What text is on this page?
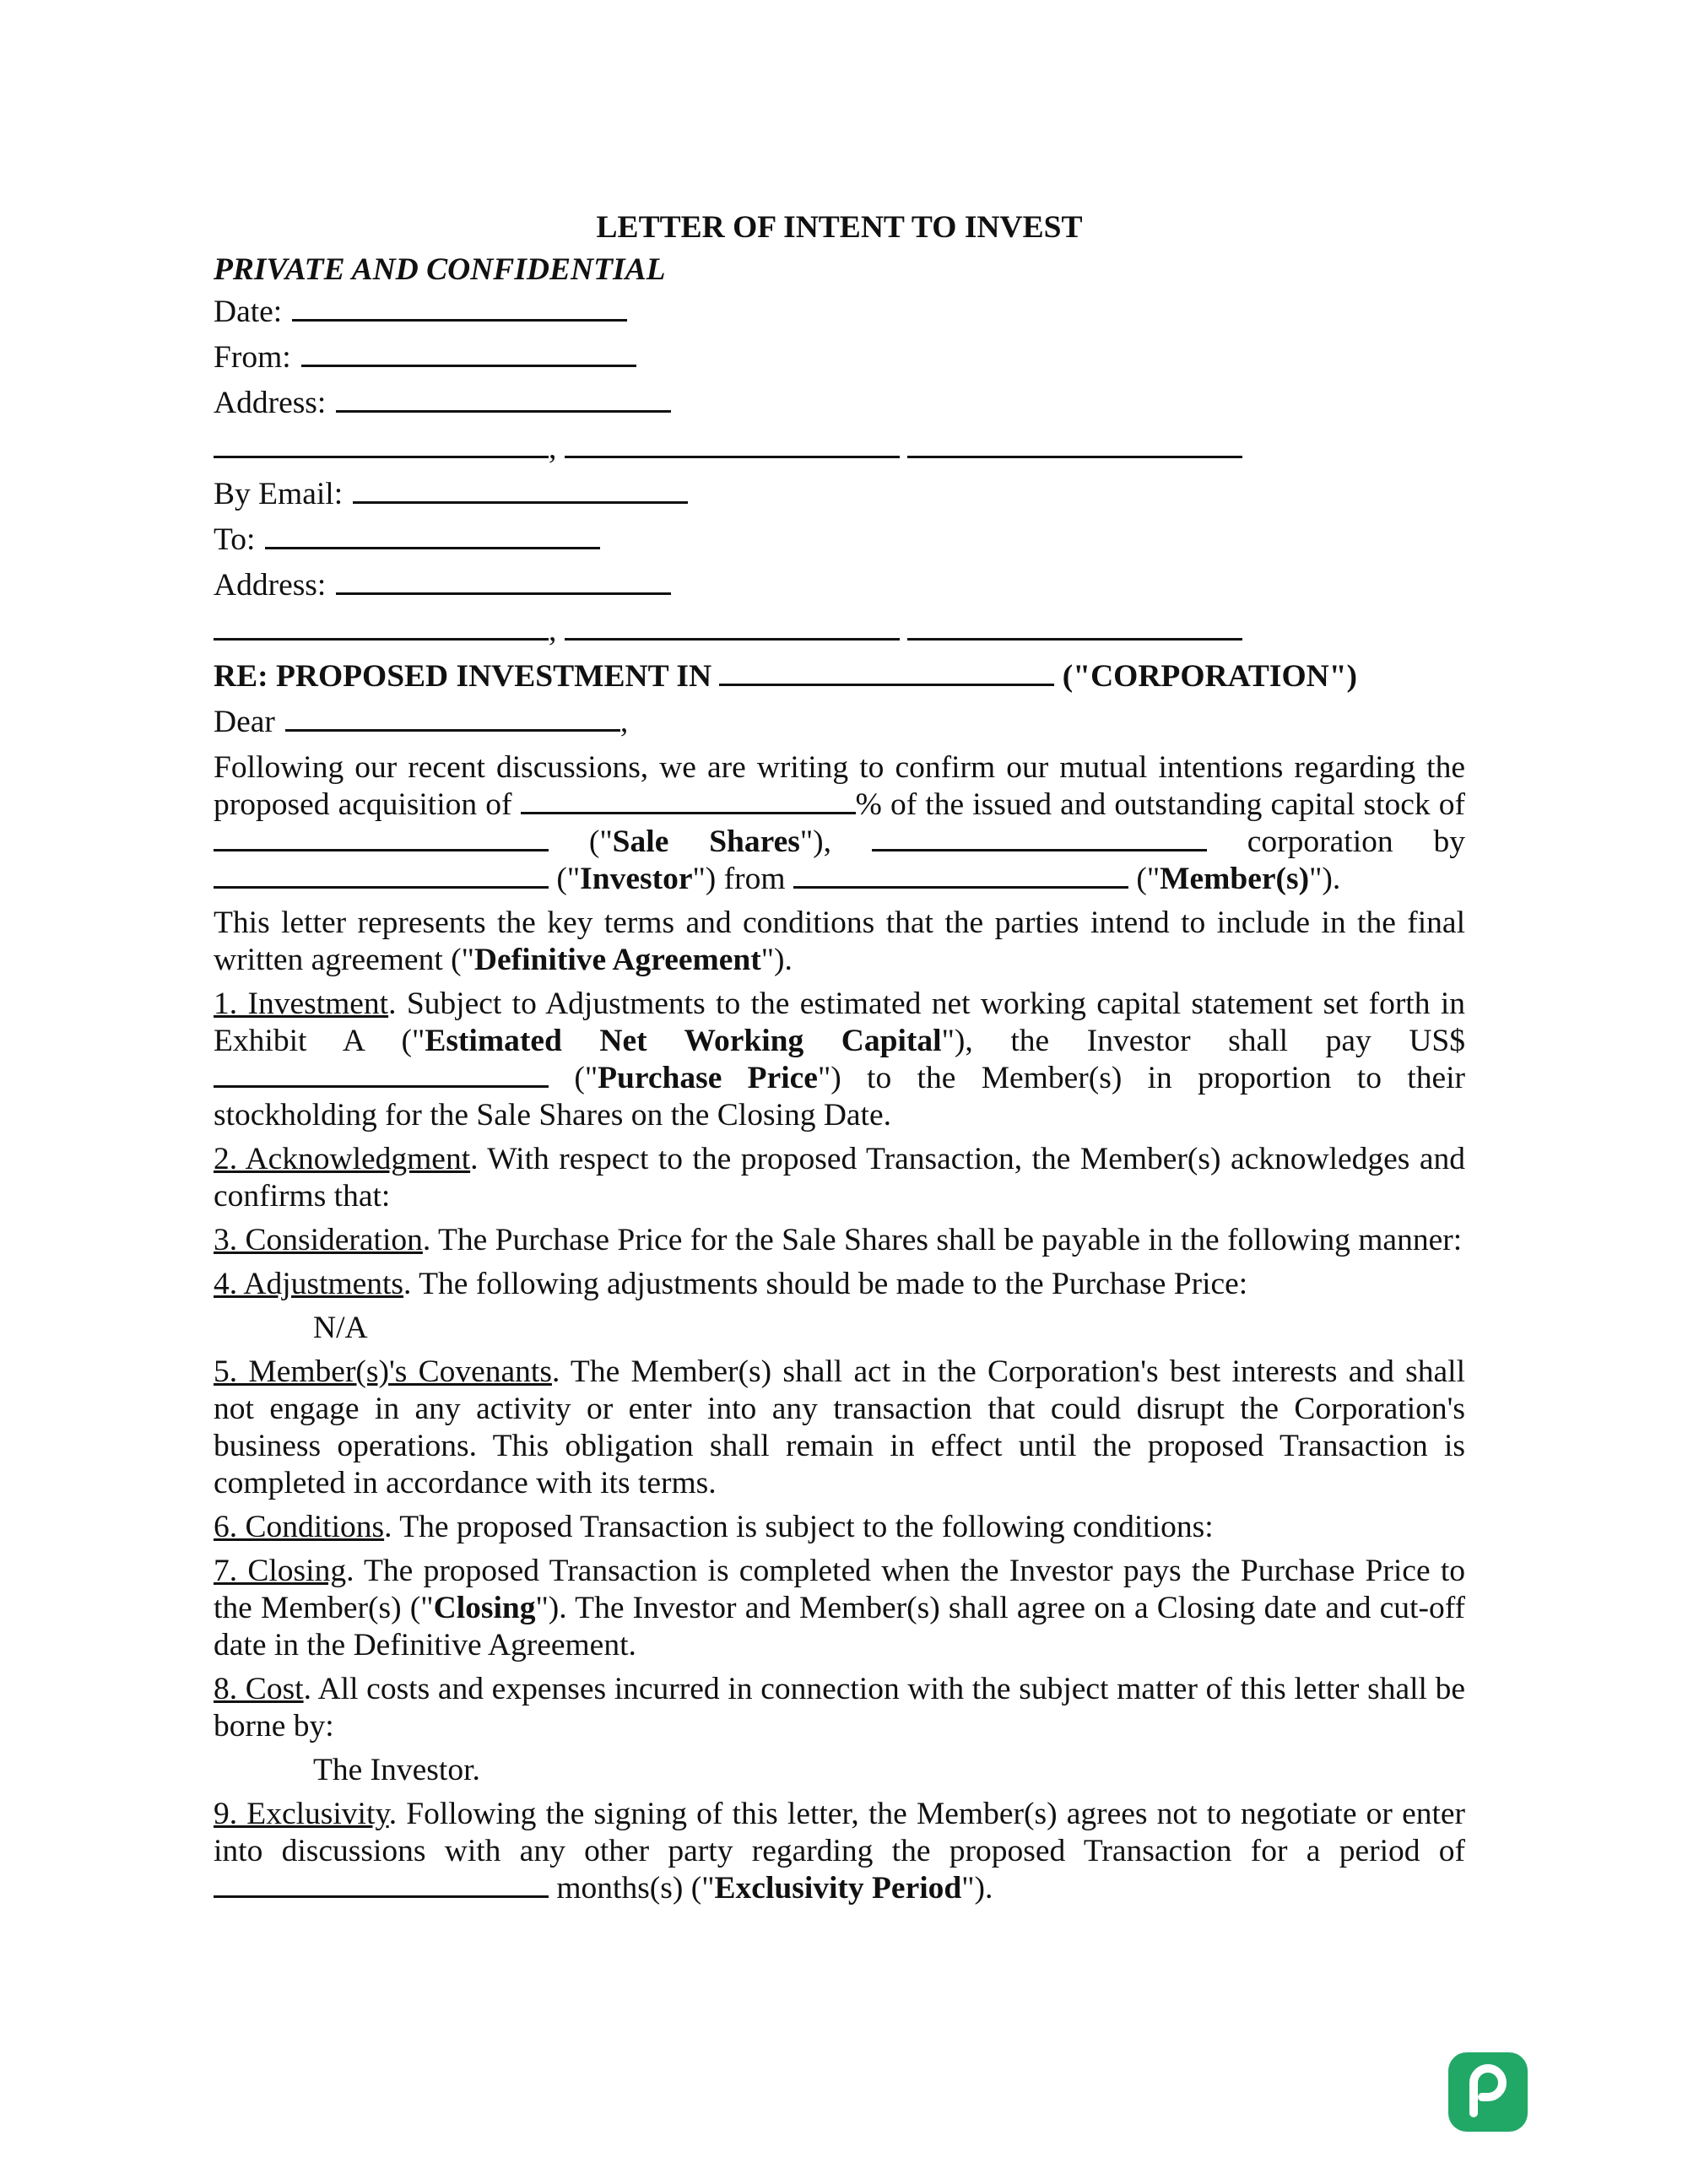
LETTER OF INTENT TO INVEST
PRIVATE AND CONFIDENTIAL
Date:
From:
Address:
,
By Email:
To:
Address:
,
RE: PROPOSED INVESTMENT IN	("CORPORATION")
Dear	,
Following our recent discussions, we are writing to confirm our mutual intentions regarding the proposed acquisition of	% of the issued and outstanding capital stock of  ("Sale Shares"),	corporation by  ("Investor") from	("Member(s)").
This letter represents the key terms and conditions that the parties intend to include in the final written agreement ("Definitive Agreement").
1. Investment. Subject to Adjustments to the estimated net working capital statement set forth in Exhibit A ("Estimated Net Working Capital"), the Investor shall pay US$  ("Purchase Price") to the Member(s) in proportion to their stockholding for the Sale Shares on the Closing Date.
2. Acknowledgment. With respect to the proposed Transaction, the Member(s) acknowledges and confirms that:
3. Consideration. The Purchase Price for the Sale Shares shall be payable in the following manner:
4. Adjustments. The following adjustments should be made to the Purchase Price:
N/A
5. Member(s)'s Covenants. The Member(s) shall act in the Corporation's best interests and shall not engage in any activity or enter into any transaction that could disrupt the Corporation's business operations. This obligation shall remain in effect until the proposed Transaction is completed in accordance with its terms.
6. Conditions. The proposed Transaction is subject to the following conditions:
7. Closing. The proposed Transaction is completed when the Investor pays the Purchase Price to the Member(s) ("Closing"). The Investor and Member(s) shall agree on a Closing date and cut-off date in the Definitive Agreement.
8. Cost. All costs and expenses incurred in connection with the subject matter of this letter shall be borne by:
The Investor.
9. Exclusivity. Following the signing of this letter, the Member(s) agrees not to negotiate or enter into discussions with any other party regarding the proposed Transaction for a period of  months(s) ("Exclusivity Period").
